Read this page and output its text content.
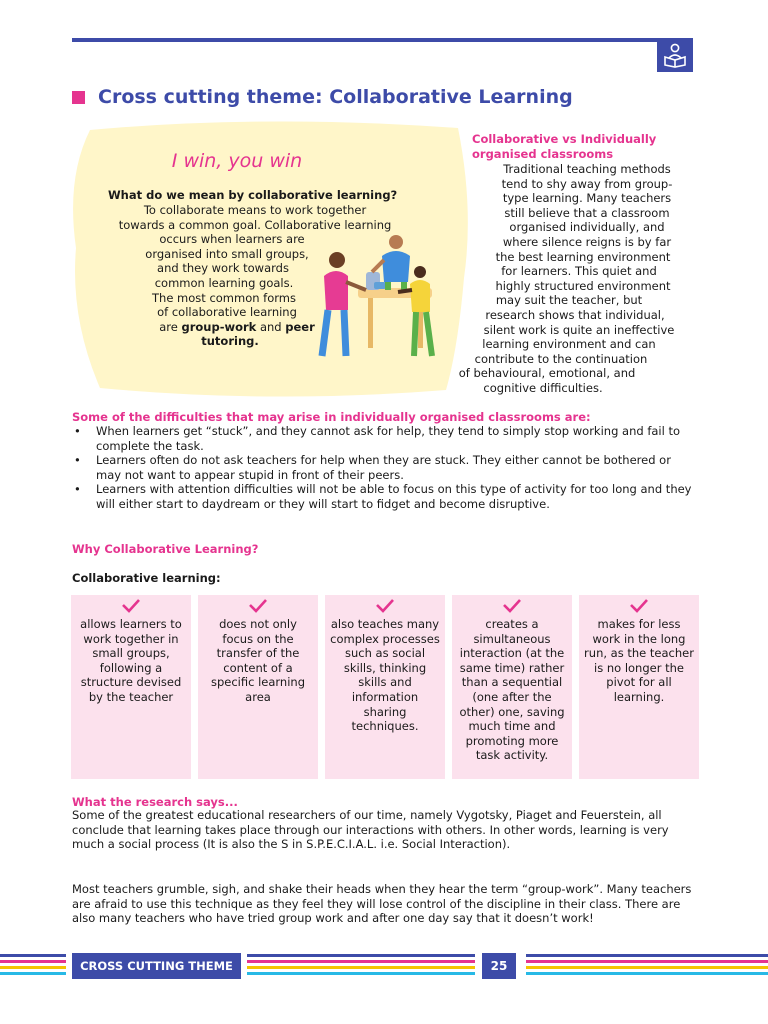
Cross cutting theme: Collaborative Learning
I win, you win
What do we mean by collaborative learning?
To collaborate means to work together
towards a common goal. Collaborative learning
occurs when learners are
organised into small groups,
and they work towards
common learning goals.
The most common forms
of collaborative learning
are group-work and peer
tutoring.
Collaborative vs Individually
organised classrooms
Traditional teaching methods
tend to shy away from group-
type learning. Many teachers
still believe that a classroom
organised individually, and
where silence reigns is by far
the best learning environment
for learners. This quiet and
highly structured environment
may suit the teacher, but
research shows that individual,
silent work is quite an ineffective
learning environment and can
contribute to the continuation
of behavioural, emotional, and
cognitive difficulties.
Some of the difficulties that may arise in individually organised classrooms are:
• When learners get “stuck”, and they cannot ask for help, they tend to simply stop working and fail to complete the task.
• Learners often do not ask teachers for help when they are stuck. They either cannot be bothered or may not want to appear stupid in front of their peers.
• Learners with attention difficulties will not be able to focus on this type of activity for too long and they will either start to daydream or they will start to fidget and become disruptive.
Why Collaborative Learning?
Collaborative learning:
allows learners to work together in small groups, following a structure devised by the teacher
does not only focus on the transfer of the content of a specific learning area
also teaches many complex processes such as social skills, thinking skills and information sharing techniques.
creates a simultaneous interaction (at the same time) rather than a sequential (one after the other) one, saving much time and promoting more task activity.
makes for less work in the long run, as the teacher is no longer the pivot for all learning.
What the research says...
Some of the greatest educational researchers of our time, namely Vygotsky, Piaget and Feuerstein, all conclude that learning takes place through our interactions with others. In other words, learning is very much a social process (It is also the S in S.P.E.C.I.A.L. i.e. Social Interaction).
Most teachers grumble, sigh, and shake their heads when they hear the term “group-work”. Many teachers are afraid to use this technique as they feel they will lose control of the discipline in their class. There are also many teachers who have tried group work and after one day say that it doesn’t work!
CROSS CUTTING THEME	25
